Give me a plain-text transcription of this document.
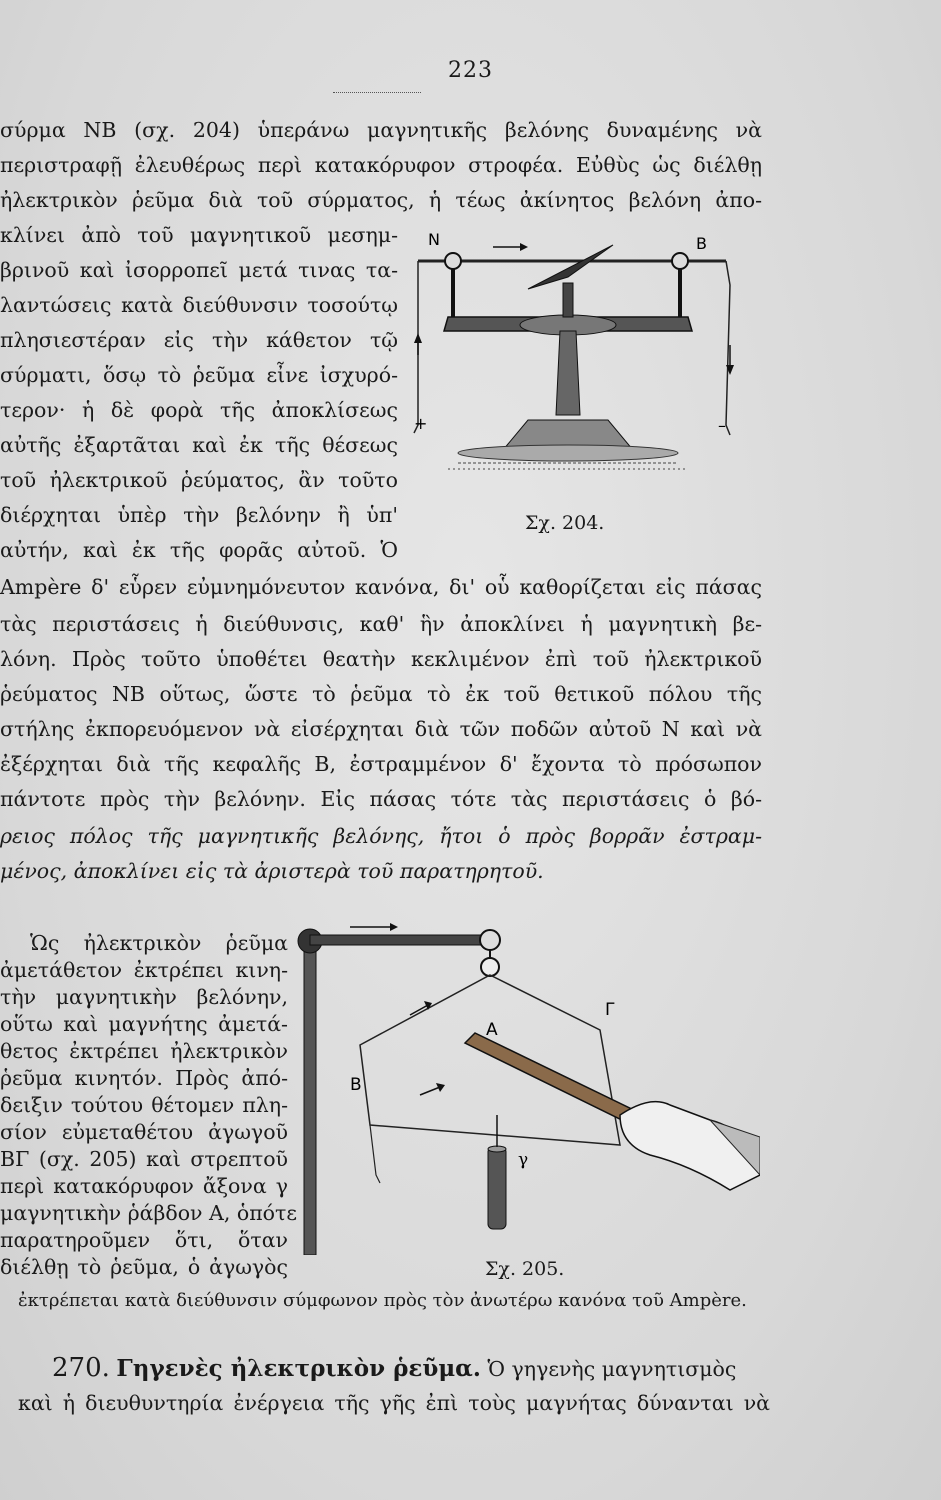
223
σύρμα ΝΒ (σχ. 204) ὑπεράνω μαγνητικῆς βελόνης δυναμένης νὰ
περιστραφῇ ἐλευθέρως περὶ κατακόρυφον στροφέα. Εὐθὺς ὡς διέλθῃ
ἠλεκτρικὸν ῥεῦμα διὰ τοῦ σύρματος, ἡ τέως ἀκίνητος βελόνη ἀπο-
κλίνει ἀπὸ τοῦ μαγνητικοῦ μεσημ-
βρινοῦ καὶ ἰσορροπεῖ μετά τινας τα-
λαντώσεις κατὰ διεύθυνσιν τοσούτῳ
πλησιεστέραν εἰς τὴν κάθετον τῷ
σύρματι, ὅσῳ τὸ ῥεῦμα εἶνε ἰσχυρό-
τερον· ἡ δὲ φορὰ τῆς ἀποκλίσεως
αὐτῆς ἐξαρτᾶται καὶ ἐκ τῆς θέσεως
τοῦ ἠλεκτρικοῦ ῥεύματος, ἂν τοῦτο
διέρχηται ὑπὲρ τὴν βελόνην ἢ ὑπ'
αὐτήν, καὶ ἐκ τῆς φορᾶς αὐτοῦ. Ὁ
Ampère δ' εὗρεν εὐμνημόνευτον κανόνα, δι' οὗ καθορίζεται εἰς πάσας
τὰς περιστάσεις ἡ διεύθυνσις, καθ' ἣν ἀποκλίνει ἡ μαγνητικὴ βε-
λόνη. Πρὸς τοῦτο ὑποθέτει θεατὴν κεκλιμένον ἐπὶ τοῦ ἠλεκτρικοῦ
ῥεύματος ΝΒ οὕτως, ὥστε τὸ ῥεῦμα τὸ ἐκ τοῦ θετικοῦ πόλου τῆς
στήλης ἐκπορευόμενον νὰ εἰσέρχηται διὰ τῶν ποδῶν αὐτοῦ Ν καὶ νὰ
ἐξέρχηται διὰ τῆς κεφαλῆς Β, ἐστραμμένον δ' ἔχοντα τὸ πρόσωπον
πάντοτε πρὸς τὴν βελόνην. Εἰς πάσας τότε τὰς περιστάσεις ὁ βό-
ρειος πόλος τῆς μαγνητικῆς βελόνης, ἤτοι ὁ πρὸς βορρᾶν ἐστραμ-
μένος, ἀποκλίνει εἰς τὰ ἀριστερὰ τοῦ παρατηρητοῦ.
Ὡς ἠλεκτρικὸν ῥεῦμα
ἀμετάθετον ἐκτρέπει κινη-
τὴν μαγνητικὴν βελόνην,
οὕτω καὶ μαγνήτης ἀμετά-
θετος ἐκτρέπει ἠλεκτρικὸν
ῥεῦμα κινητόν. Πρὸς ἀπό-
δειξιν τούτου θέτομεν πλη-
σίον εὐμεταθέτου ἀγωγοῦ
ΒΓ (σχ. 205) καὶ στρεπτοῦ
περὶ κατακόρυφον ἄξονα γ
μαγνητικὴν ῥάβδον Α, ὁπότε
παρατηροῦμεν ὅτι, ὅταν
διέλθῃ τὸ ῥεῦμα, ὁ ἀγωγὸς
ἐκτρέπεται κατὰ διεύθυνσιν σύμφωνον πρὸς τὸν ἀνωτέρω κανόνα τοῦ Ampère.
270. Γηγενὲς ἠλεκτρικὸν ῥεῦμα. Ὁ γηγενὴς μαγνητισμὸς
καὶ ἡ διευθυντηρία ἐνέργεια τῆς γῆς ἐπὶ τοὺς μαγνήτας δύνανται νὰ
N	B
+	–
Σχ. 204.
Γ
A
B
γ
Σχ. 205.
